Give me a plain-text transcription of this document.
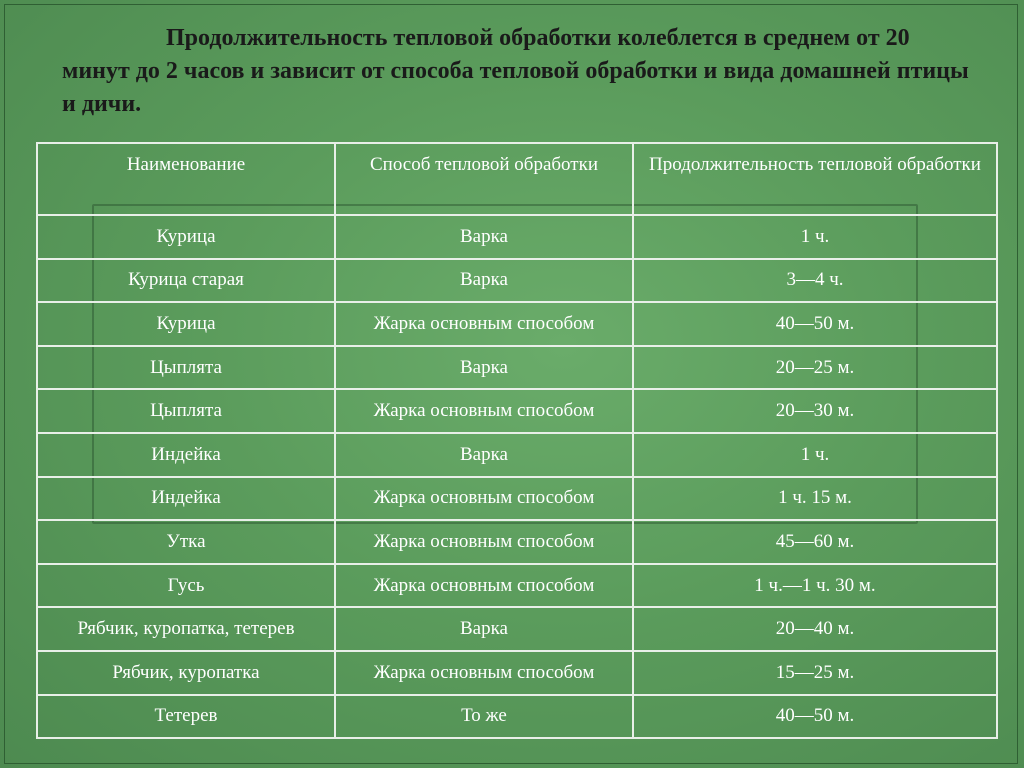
Продолжительность тепловой обработки колеблется в среднем от 20 минут до 2 часов и зависит от способа тепловой обработки и вида домашней птицы и дичи.

Наименование	Способ тепловой обработки	Продолжительность тепловой обработки
Курица	Варка	1 ч.
Курица старая	Варка	3—4 ч.
Курица	Жарка основным способом	40—50 м.
Цыплята	Варка	20—25 м.
Цыплята	Жарка основным способом	20—30 м.
Индейка	Варка	1 ч.
Индейка	Жарка основным способом	1 ч. 15 м.
Утка	Жарка основным способом	45—60 м.
Гусь	Жарка основным способом	1 ч.—1 ч. 30 м.
Рябчик, куропатка, тетерев	Варка	20—40 м.
Рябчик, куропатка	Жарка основным способом	15—25 м.
Тетерев	То же	40—50 м.
